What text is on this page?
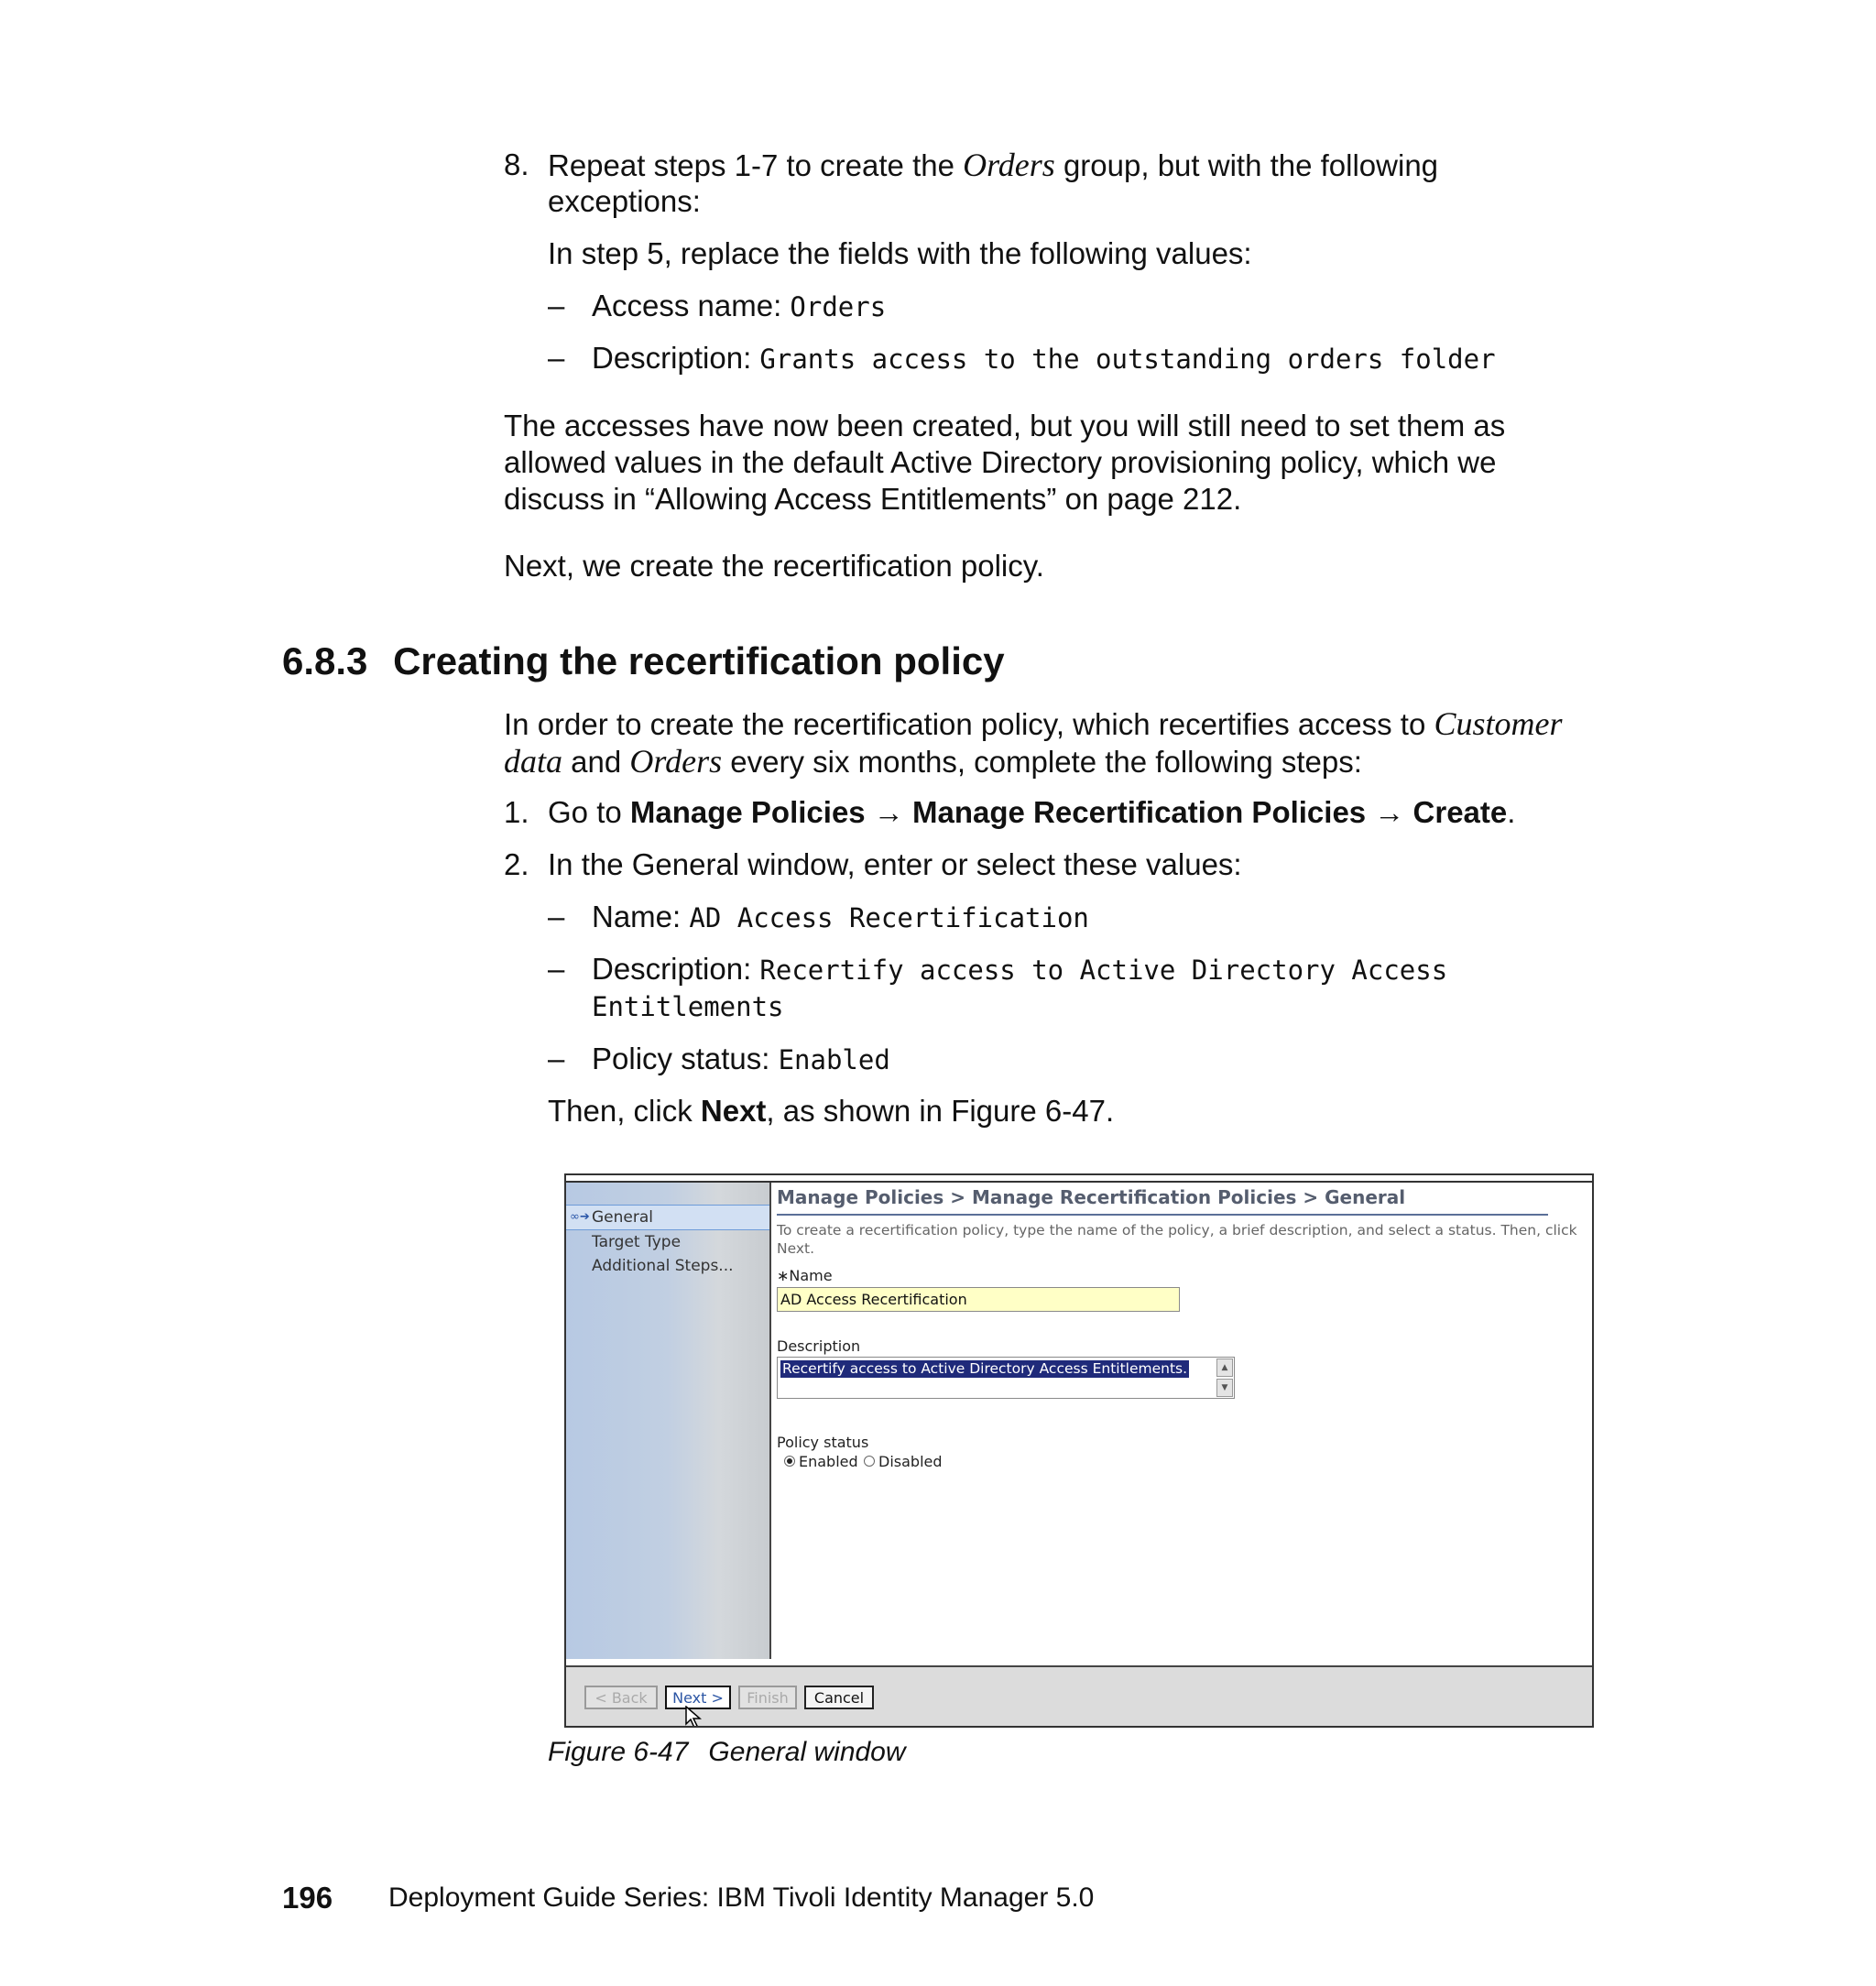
8. Repeat steps 1-7 to create the Orders group, but with the following
exceptions:
In step 5, replace the fields with the following values:
– Access name: Orders
– Description: Grants access to the outstanding orders folder
The accesses have now been created, but you will still need to set them as
allowed values in the default Active Directory provisioning policy, which we
discuss in “Allowing Access Entitlements” on page 212.
Next, we create the recertification policy.
6.8.3 Creating the recertification policy
In order to create the recertification policy, which recertifies access to Customer
data and Orders every six months, complete the following steps:
1. Go to Manage Policies → Manage Recertification Policies → Create.
2. In the General window, enter or select these values:
– Name: AD Access Recertification
– Description: Recertify access to Active Directory Access
Entitlements
– Policy status: Enabled
Then, click Next, as shown in Figure 6-47.
∞➔ General
Target Type
Additional Steps...
Manage Policies > Manage Recertification Policies > General
To create a recertification policy, type the name of the policy, a brief description, and select a status. Then, click
Next.
∗Name
AD Access Recertification
Description
Recertify access to Active Directory Access Entitlements.	▲
▼
Policy status
Enabled Disabled
< Back	Next >	Finish	Cancel
Figure 6-47 General window
196 Deployment Guide Series: IBM Tivoli Identity Manager 5.0
